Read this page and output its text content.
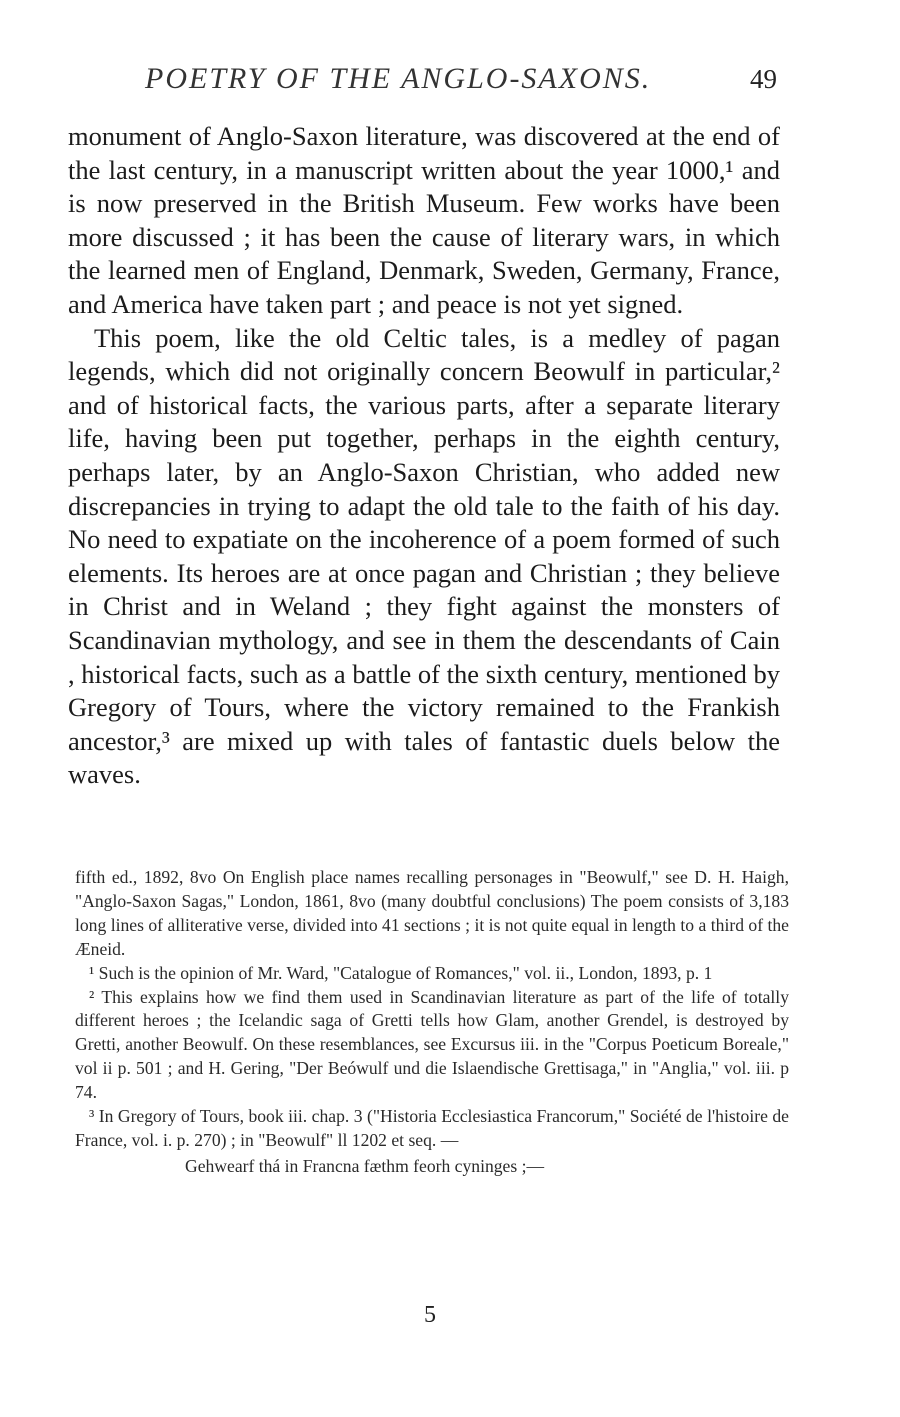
POETRY OF THE ANGLO-SAXONS.	49

monument of Anglo-Saxon literature, was discovered at the end of the last century, in a manuscript written about the year 1000,¹ and is now preserved in the British Museum. Few works have been more discussed ; it has been the cause of literary wars, in which the learned men of England, Denmark, Sweden, Germany, France, and America have taken part ; and peace is not yet signed.

This poem, like the old Celtic tales, is a medley of pagan legends, which did not originally concern Beowulf in particular,² and of historical facts, the various parts, after a separate literary life, having been put together, perhaps in the eighth century, perhaps later, by an Anglo-Saxon Christian, who added new discrepancies in trying to adapt the old tale to the faith of his day. No need to expatiate on the incoherence of a poem formed of such elements. Its heroes are at once pagan and Christian ; they believe in Christ and in Weland ; they fight against the monsters of Scandinavian mythology, and see in them the descendants of Cain , historical facts, such as a battle of the sixth century, mentioned by Gregory of Tours, where the victory remained to the Frankish ancestor,³ are mixed up with tales of fantastic duels below the waves.

fifth ed., 1892, 8vo On English place names recalling personages in "Beowulf," see D. H. Haigh, "Anglo-Saxon Sagas," London, 1861, 8vo (many doubtful conclusions) The poem consists of 3,183 long lines of alliterative verse, divided into 41 sections ; it is not quite equal in length to a third of the Æneid.

¹ Such is the opinion of Mr. Ward, "Catalogue of Romances," vol. ii., London, 1893, p. 1

² This explains how we find them used in Scandinavian literature as part of the life of totally different heroes ; the Icelandic saga of Gretti tells how Glam, another Grendel, is destroyed by Gretti, another Beowulf. On these resemblances, see Excursus iii. in the "Corpus Poeticum Boreale," vol ii p. 501 ; and H. Gering, "Der Beówulf und die Islaendische Grettisaga," in "Anglia," vol. iii. p 74.

³ In Gregory of Tours, book iii. chap. 3 ("Historia Ecclesiastica Francorum," Société de l'histoire de France, vol. i. p. 270) ; in "Beowulf" ll 1202 et seq. —

Gehwearf thá in Francna fæthm feorh cyninges ;—

5
